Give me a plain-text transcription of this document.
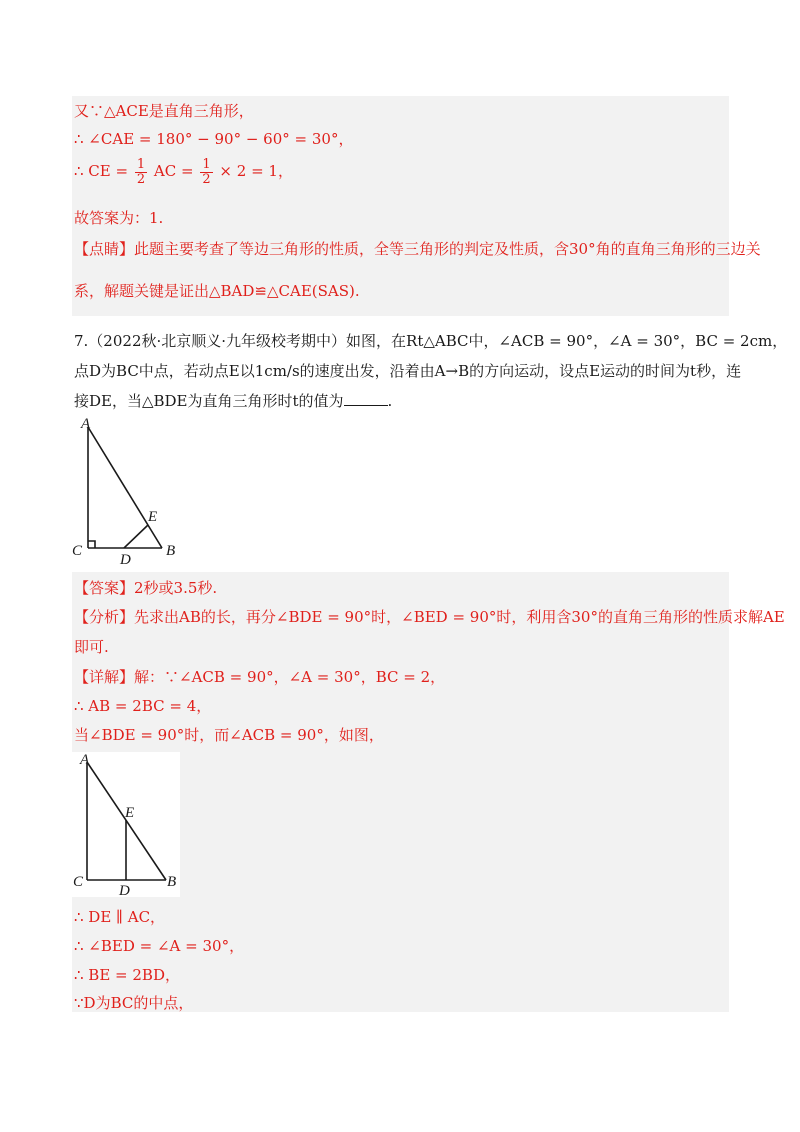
又∵△ACE是直角三角形，
∴ ∠CAE = 180° − 90° − 60° = 30°，
∴ CE = $\frac{1}{2}$ AC = $\frac{1}{2} \times 2 = 1$，
故答案为：1.
【点睛】此题主要考查了等边三角形的性质，全等三角形的判定及性质，含30°角的直角三角形的三边关
系，解题关键是证出△BAD≌△CAE(SAS).
7.（2022秋·北京顺义·九年级校考期中）如图，在Rt△ABC中，∠ACB = 90°，∠A = 30°，BC = 2cm，
点D为BC中点，若动点E以1cm/s的速度出发，沿着由A→B的方向运动，设点E运动的时间为t秒，连
接DE，当△BDE为直角三角形时t的值为	.
A
E
C
D
B
【答案】2秒或3.5秒.
【分析】先求出AB的长，再分∠BDE = 90°时，∠BED = 90°时，利用含30°的直角三角形的性质求解AE
即可.
【详解】解：∵∠ACB = 90°，∠A = 30°，BC = 2，
∴ AB = 2BC = 4，
当∠BDE = 90°时，而∠ACB = 90°，如图，
A
E
C
D
B
∴ DE ∥ AC，
∴ ∠BED = ∠A = 30°，
∴ BE = 2BD，
∵D为BC的中点，
